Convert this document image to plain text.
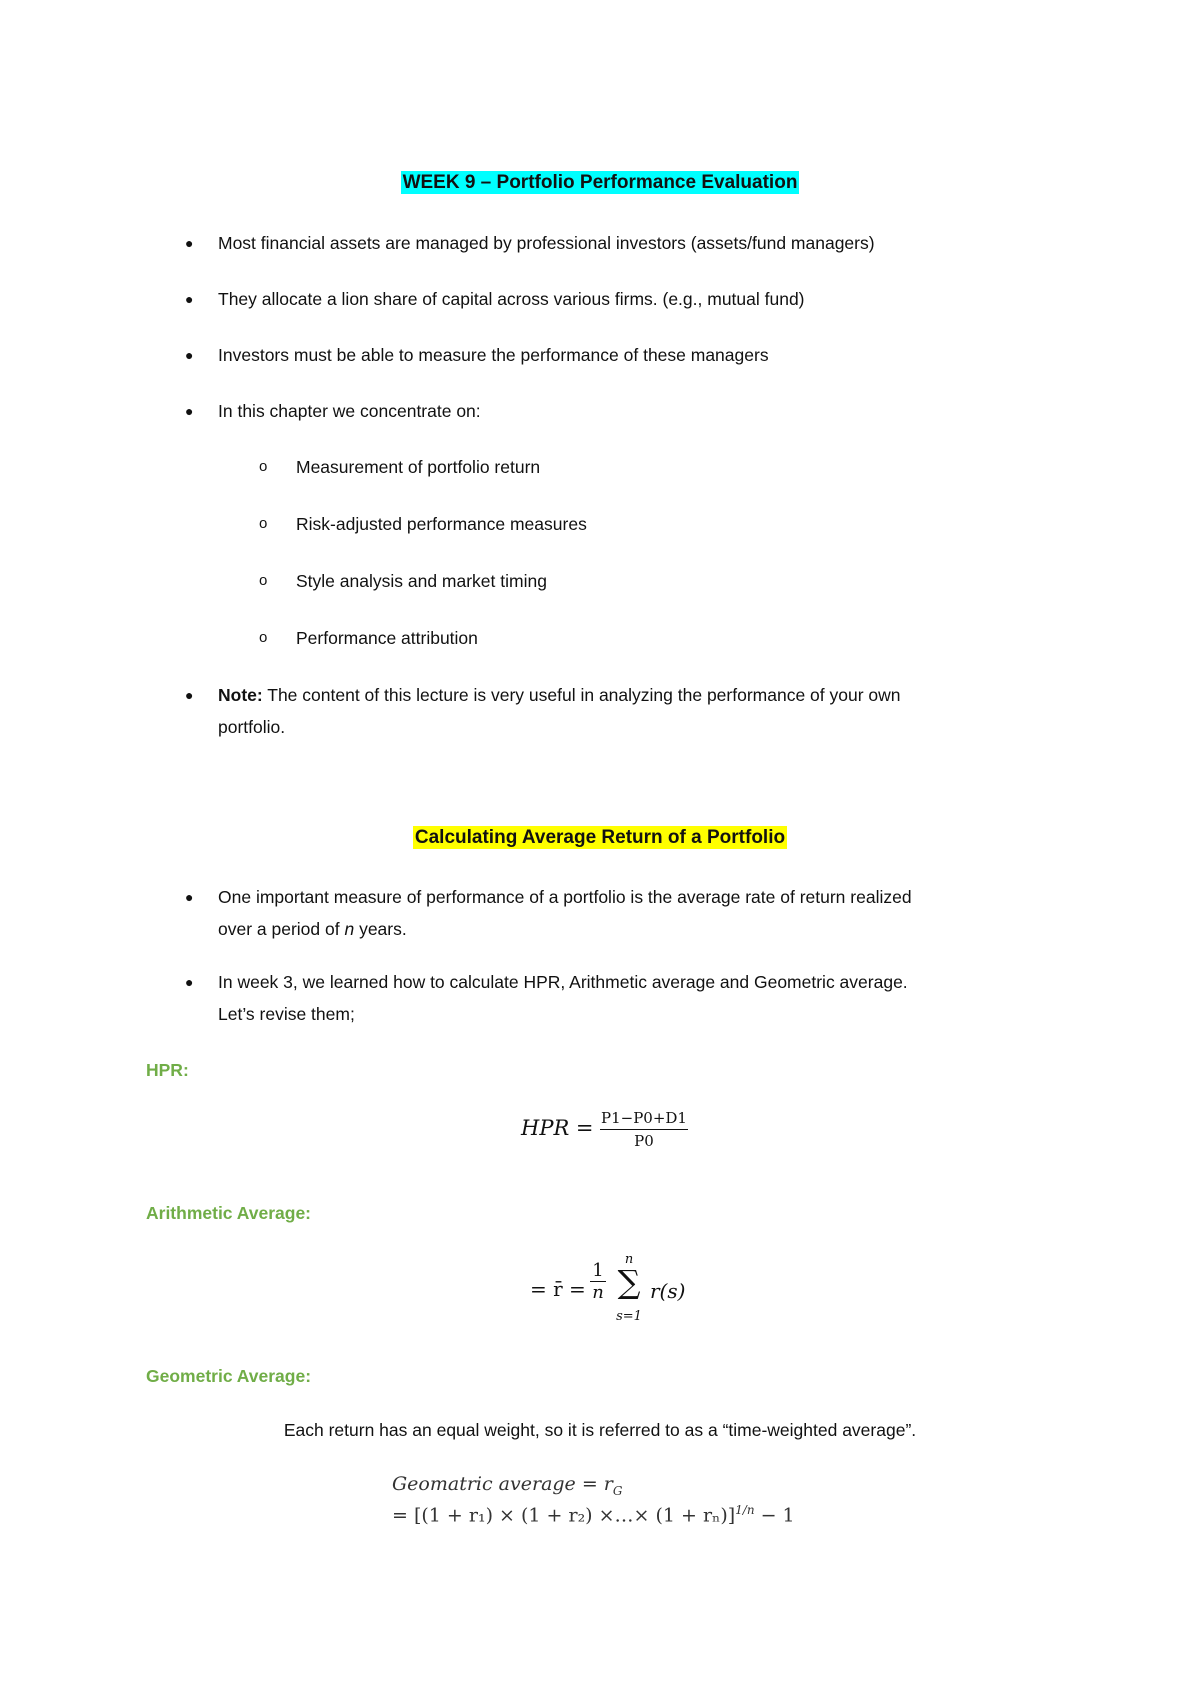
WEEK 9 – Portfolio Performance Evaluation
● Most financial assets are managed by professional investors (assets/fund managers)
● They allocate a lion share of capital across various firms. (e.g., mutual fund)
● Investors must be able to measure the performance of these managers
● In this chapter we concentrate on:
o Measurement of portfolio return
o Risk-adjusted performance measures
o Style analysis and market timing
o Performance attribution
● Note: The content of this lecture is very useful in analyzing the performance of your own
portfolio.
Calculating Average Return of a Portfolio
● One important measure of performance of a portfolio is the average rate of return realized
over a period of n years.
● In week 3, we learned how to calculate HPR, Arithmetic average and Geometric average.
Let’s revise them;
HPR:
HPR = $\frac{P1-P0+D1}{P0}$
Arithmetic Average:
= r̄ = $\frac{1}{n}$
n
∑
s=1
r(s)
Geometric Average:
Each return has an equal weight, so it is referred to as a “time-weighted average”.
Geomatric average = $r_G$
= [(1 + r₁) × (1 + r₂) ×…× (1 + rₙ)]$^{1/n}$ − 1
